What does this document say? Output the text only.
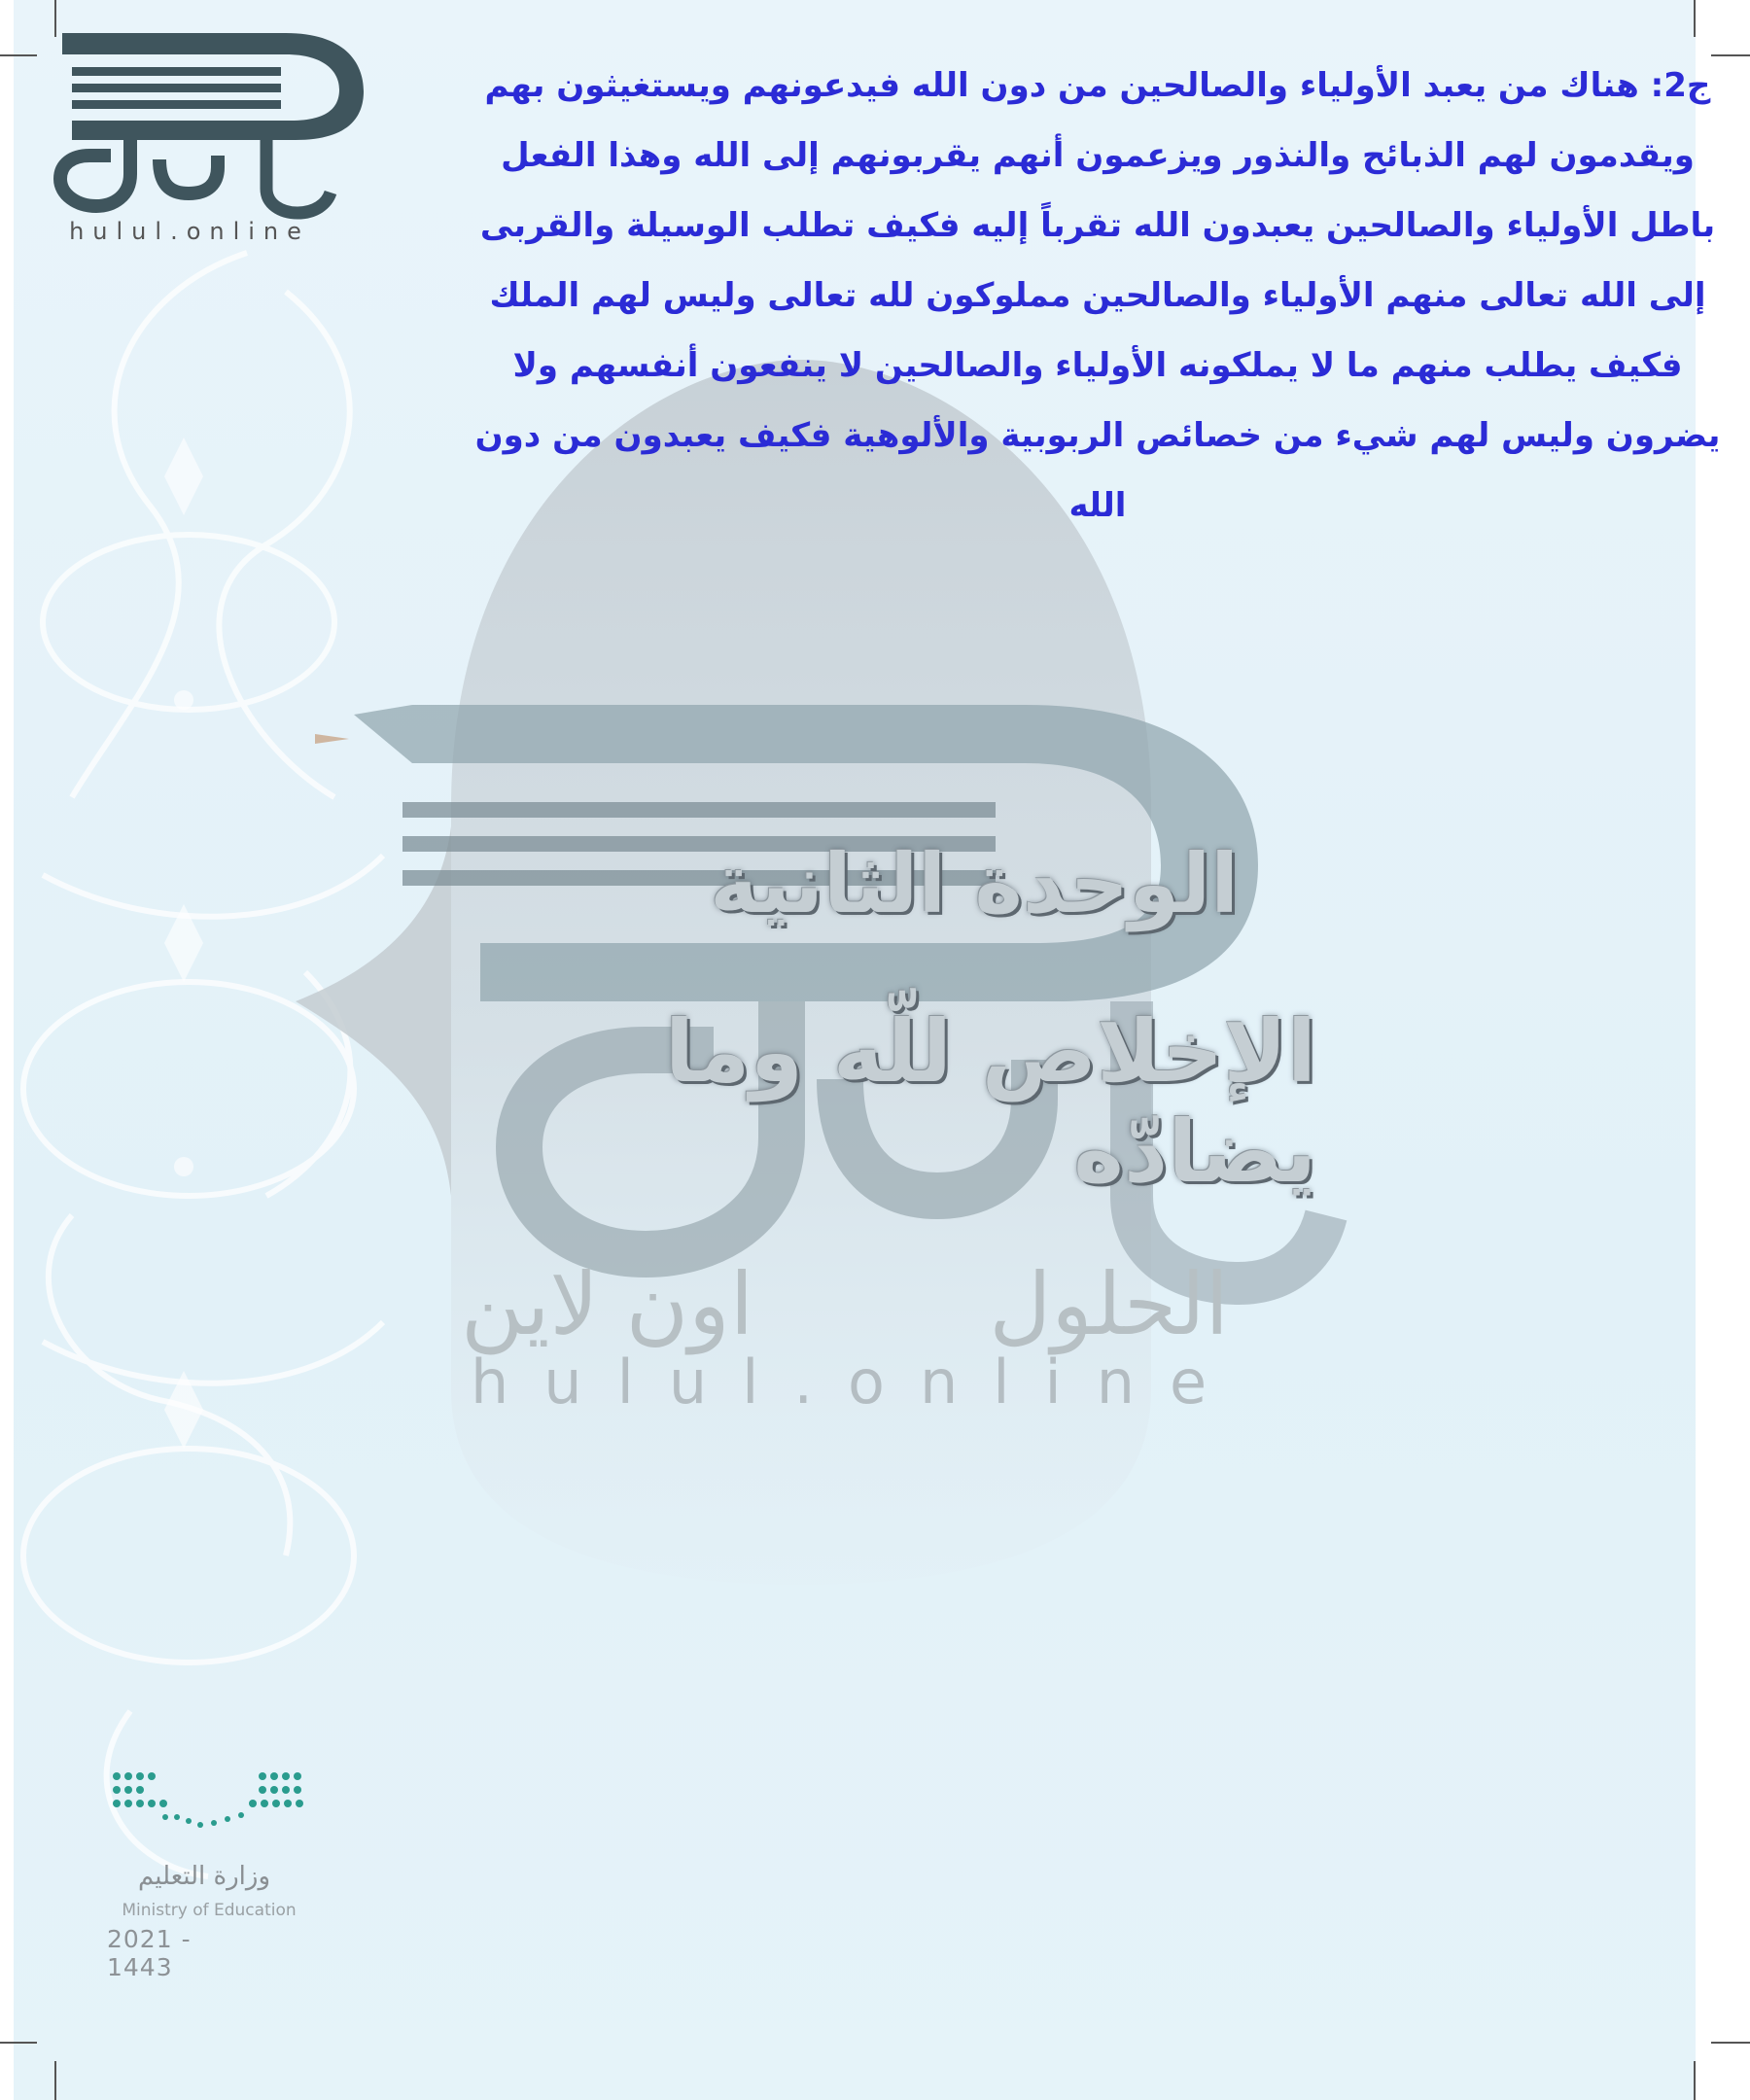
ج2: هناك من يعبد الأولياء والصالحين من دون الله فيدعونهم ويستغيثون بهم ويقدمون لهم الذبائح والنذور ويزعمون أنهم يقربونهم إلى الله وهذا الفعل باطل الأولياء والصالحين يعبدون الله تقرباً إليه فكيف تطلب الوسيلة والقربى إلى الله تعالى منهم الأولياء والصالحين مملوكون لله تعالى وليس لهم الملك فكيف يطلب منهم ما لا يملكونه الأولياء والصالحين لا ينفعون أنفسهم ولا يضرون وليس لهم شيء من خصائص الربوبية والألوهية فكيف يعبدون من دون الله
hulul.online
الوحدة الثانية
الإخلاص للّه وما يضادّه
الحلول
اون لاين
hulul.online
وزارة التعليم
Ministry of Education
2021 - 1443
